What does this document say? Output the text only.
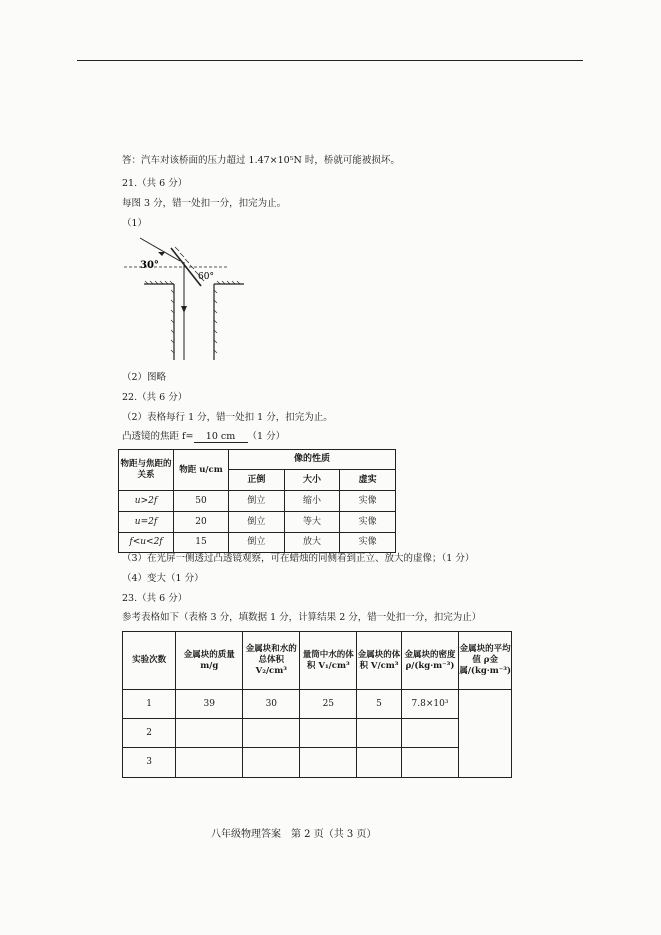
答：汽车对该桥面的压力超过 1.47×10⁵N 时，桥就可能被损坏。
21.（共 6 分）
每图 3 分，错一处扣一分，扣完为止。
（1）
30°
60°
（2）图略
22.（共 6 分）
（2）表格每行 1 分，错一处扣 1 分，扣完为止。
凸透镜的焦距 f= 10 cm （1 分）
物距与焦距的关系	物距 u/cm	像的性质		
		正倒	大小	虚实
u>2f	50	倒立	缩小	实像
u=2f	20	倒立	等大	实像
f<u<2f	15	倒立	放大	实像
（3）在光屏一侧透过凸透镜观察，可在蜡烛的同侧看到正立、放大的虚像；（1 分）
（4）变大（1 分）
23.（共 6 分）
参考表格如下（表格 3 分，填数据 1 分，计算结果 2 分，错一处扣一分，扣完为止）
实验次数	金属块的质量 m/g	金属块和水的总体积 V₂/cm³	量筒中水的体积 V₁/cm³	金属块的体积 V/cm³	金属块的密度 ρ/(kg·m⁻³)	金属块的平均值 ρ金属/(kg·m⁻³)
1	39	30	25	5	7.8×10³	
2						
3						
八年级物理答案　第 2 页（共 3 页）
